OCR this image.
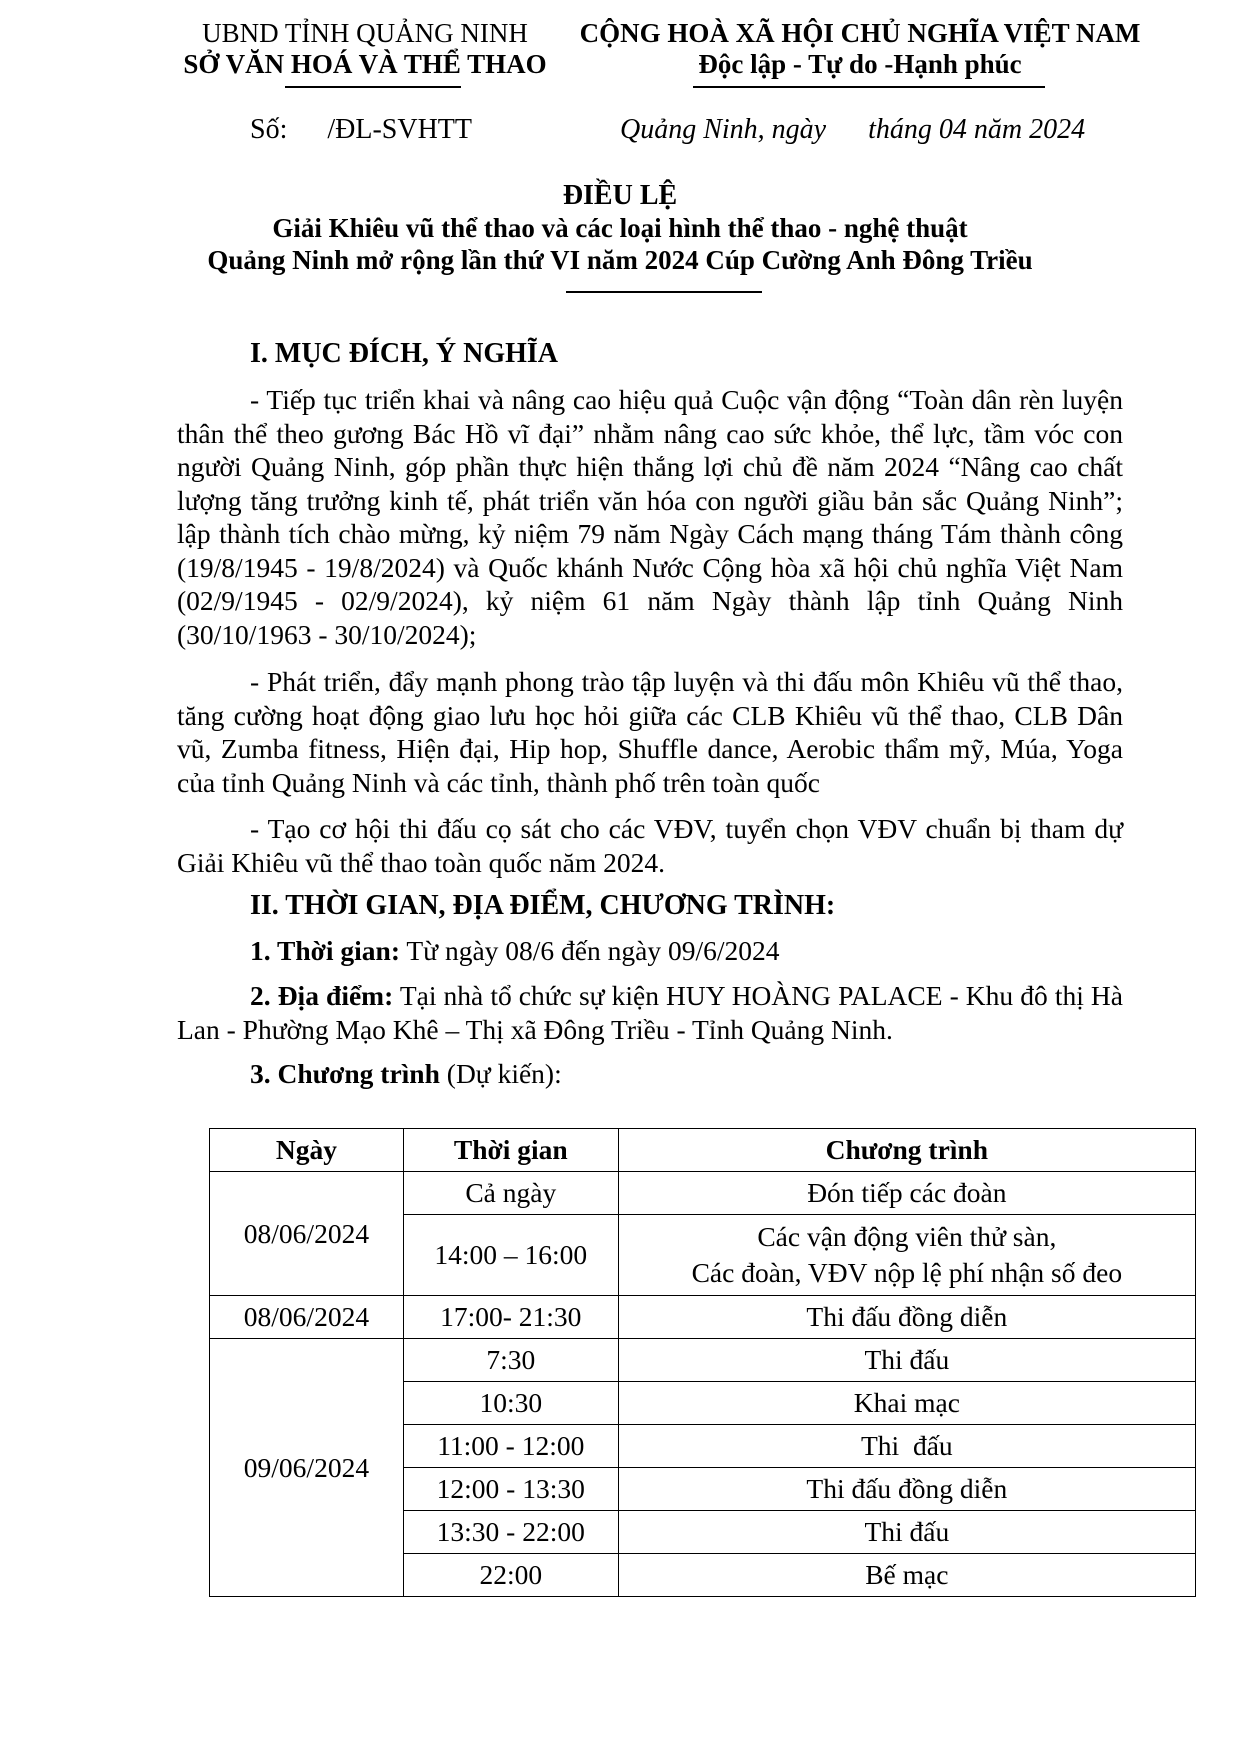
UBND TỈNH QUẢNG NINH
SỞ VĂN HOÁ VÀ THỂ THAO
CỘNG HOÀ XÃ HỘI CHỦ NGHĨA VIỆT NAM
Độc lập - Tự do -Hạnh phúc
Số: /ĐL-SVHTT	Quảng Ninh, ngày      tháng 04 năm 2024
ĐIỀU LỆ
Giải Khiêu vũ thể thao và các loại hình thể thao - nghệ thuật
Quảng Ninh mở rộng lần thứ VI năm 2024 Cúp Cường Anh Đông Triều
I. MỤC ĐÍCH, Ý NGHĨA
- Tiếp tục triển khai và nâng cao hiệu quả Cuộc vận động “Toàn dân rèn luyện thân thể theo gương Bác Hồ vĩ đại” nhằm nâng cao sức khỏe, thể lực, tầm vóc con người Quảng Ninh, góp phần thực hiện thắng lợi chủ đề năm 2024 “Nâng cao chất lượng tăng trưởng kinh tế, phát triển văn hóa con người giầu bản sắc Quảng Ninh”; lập thành tích chào mừng, kỷ niệm 79 năm Ngày Cách mạng tháng Tám thành công (19/8/1945 - 19/8/2024) và Quốc khánh Nước Cộng hòa xã hội chủ nghĩa Việt Nam (02/9/1945 - 02/9/2024), kỷ niệm 61 năm Ngày thành lập tỉnh Quảng Ninh (30/10/1963 - 30/10/2024);
- Phát triển, đẩy mạnh phong trào tập luyện và thi đấu môn Khiêu vũ thể thao, tăng cường hoạt động giao lưu học hỏi giữa các CLB Khiêu vũ thể thao, CLB Dân vũ, Zumba fitness, Hiện đại, Hip hop, Shuffle dance, Aerobic thẩm mỹ, Múa, Yoga của tỉnh Quảng Ninh và các tỉnh, thành phố trên toàn quốc
- Tạo cơ hội thi đấu cọ sát cho các VĐV, tuyển chọn VĐV chuẩn bị tham dự Giải Khiêu vũ thể thao toàn quốc năm 2024.
II. THỜI GIAN, ĐỊA ĐIỂM, CHƯƠNG TRÌNH:
1. Thời gian: Từ ngày 08/6 đến ngày 09/6/2024
2. Địa điểm: Tại nhà tổ chức sự kiện HUY HOÀNG PALACE - Khu đô thị Hà Lan - Phường Mạo Khê – Thị xã Đông Triều - Tỉnh Quảng Ninh.
3. Chương trình (Dự kiến):
Ngày	Thời gian	Chương trình
08/06/2024	Cả ngày	Đón tiếp các đoàn
	14:00 – 16:00	Các vận động viên thử sàn,
Các đoàn, VĐV nộp lệ phí nhận số đeo

08/06/2024	17:00- 21:30	Thi đấu đồng diễn
09/06/2024	7:30	Thi đấu
	10:30	Khai mạc
	11:00 - 12:00	Thi  đấu
	12:00 - 13:30	Thi đấu đồng diễn
	13:30 - 22:00	Thi đấu
	22:00	Bế mạc
